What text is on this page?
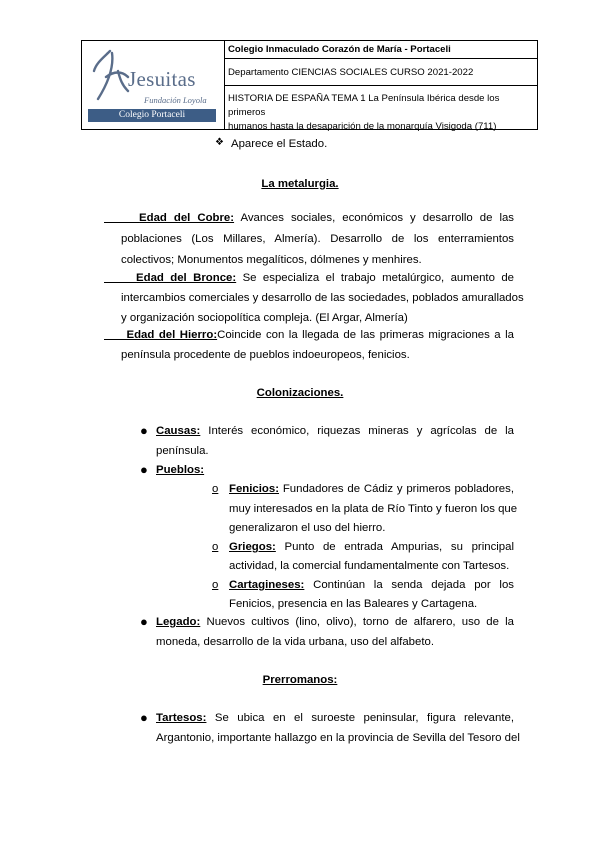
Jesuitas
Fundación Loyola
Colegio Portaceli
Colegio Inmaculado Corazón de María - Portaceli
Departamento CIENCIAS SOCIALES CURSO 2021-2022
HISTORIA DE ESPAÑA TEMA 1 La Península Ibérica desde los primeros
humanos hasta la desaparición de la monarquía Visigoda (711)
❖ Aparece el Estado.
La metalurgia.
Edad del Cobre: Avances sociales, económicos y desarrollo de las
poblaciones (Los Millares, Almería). Desarrollo de los enterramientos
colectivos; Monumentos megalíticos, dólmenes y menhires.
Edad del Bronce: Se especializa el trabajo metalúrgico, aumento de
intercambios comerciales y desarrollo de las sociedades, poblados amurallados
y organización sociopolítica compleja. (El Argar, Almería)
Edad del Hierro:Coincide con la llegada de las primeras migraciones a la
península procedente de pueblos indoeuropeos, fenicios.
Colonizaciones.
● Causas: Interés económico, riquezas mineras y agrícolas de la
península.
● Pueblos:
o Fenicios: Fundadores de Cádiz y primeros pobladores,
muy interesados en la plata de Río Tinto y fueron los que
generalizaron el uso del hierro.
o Griegos: Punto de entrada Ampurias, su principal
actividad, la comercial fundamentalmente con Tartesos.
o Cartagineses: Continúan la senda dejada por los
Fenicios, presencia en las Baleares y Cartagena.
● Legado: Nuevos cultivos (lino, olivo), torno de alfarero, uso de la
moneda, desarrollo de la vida urbana, uso del alfabeto.
Prerromanos:
● Tartesos: Se ubica en el suroeste peninsular, figura relevante,
Argantonio, importante hallazgo en la provincia de Sevilla del Tesoro del
